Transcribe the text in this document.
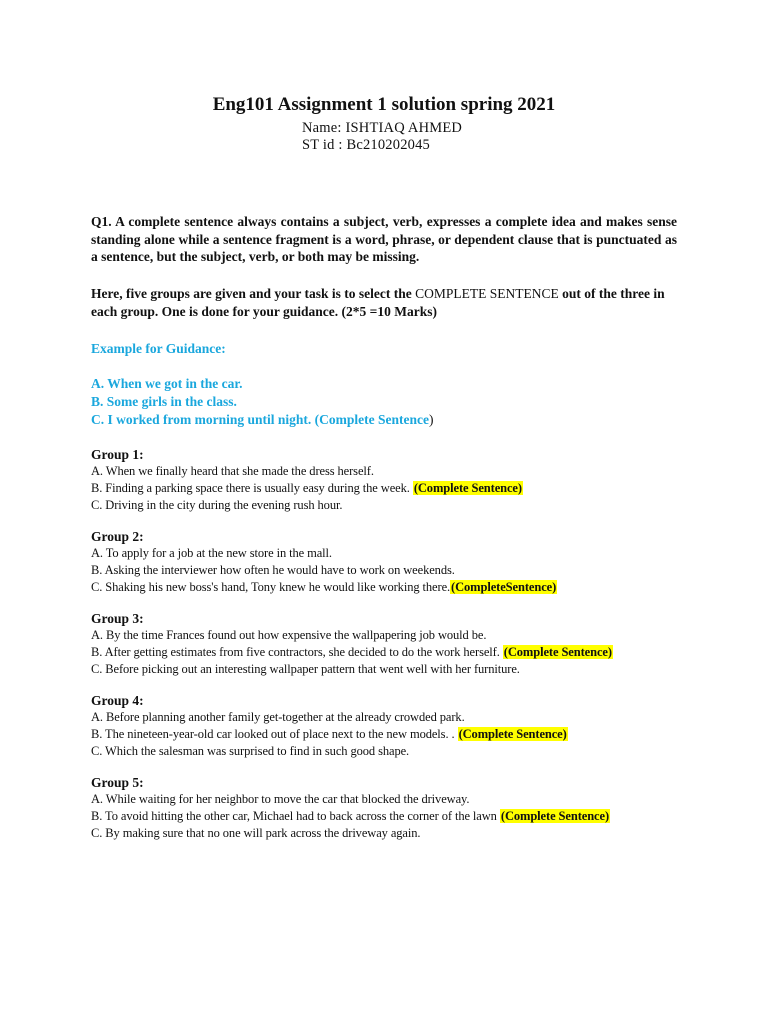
Eng101 Assignment 1 solution spring 2021
Name: ISHTIAQ AHMED
ST id : Bc210202045
Q1. A complete sentence always contains a subject, verb, expresses a complete idea and makes sense standing alone while a sentence fragment is a word, phrase, or dependent clause that is punctuated as a sentence, but the subject, verb, or both may be missing.
Here, five groups are given and your task is to select the COMPLETE SENTENCE out of the three in each group. One is done for your guidance. (2*5 =10 Marks)
Example for Guidance:
A. When we got in the car.
B. Some girls in the class.
C. I worked from morning until night. (Complete Sentence)
Group 1:
A. When we finally heard that she made the dress herself.
B. Finding a parking space there is usually easy during the week. (Complete Sentence)
C. Driving in the city during the evening rush hour.
Group 2:
A. To apply for a job at the new store in the mall.
B. Asking the interviewer how often he would have to work on weekends.
C. Shaking his new boss's hand, Tony knew he would like working there.(CompleteSentence)
Group 3:
A. By the time Frances found out how expensive the wallpapering job would be.
B. After getting estimates from five contractors, she decided to do the work herself. (Complete Sentence)
C. Before picking out an interesting wallpaper pattern that went well with her furniture.
Group 4:
A. Before planning another family get-together at the already crowded park.
B. The nineteen-year-old car looked out of place next to the new models. . (Complete Sentence)
C. Which the salesman was surprised to find in such good shape.
Group 5:
A. While waiting for her neighbor to move the car that blocked the driveway.
B. To avoid hitting the other car, Michael had to back across the corner of the lawn (Complete Sentence)
C. By making sure that no one will park across the driveway again.
